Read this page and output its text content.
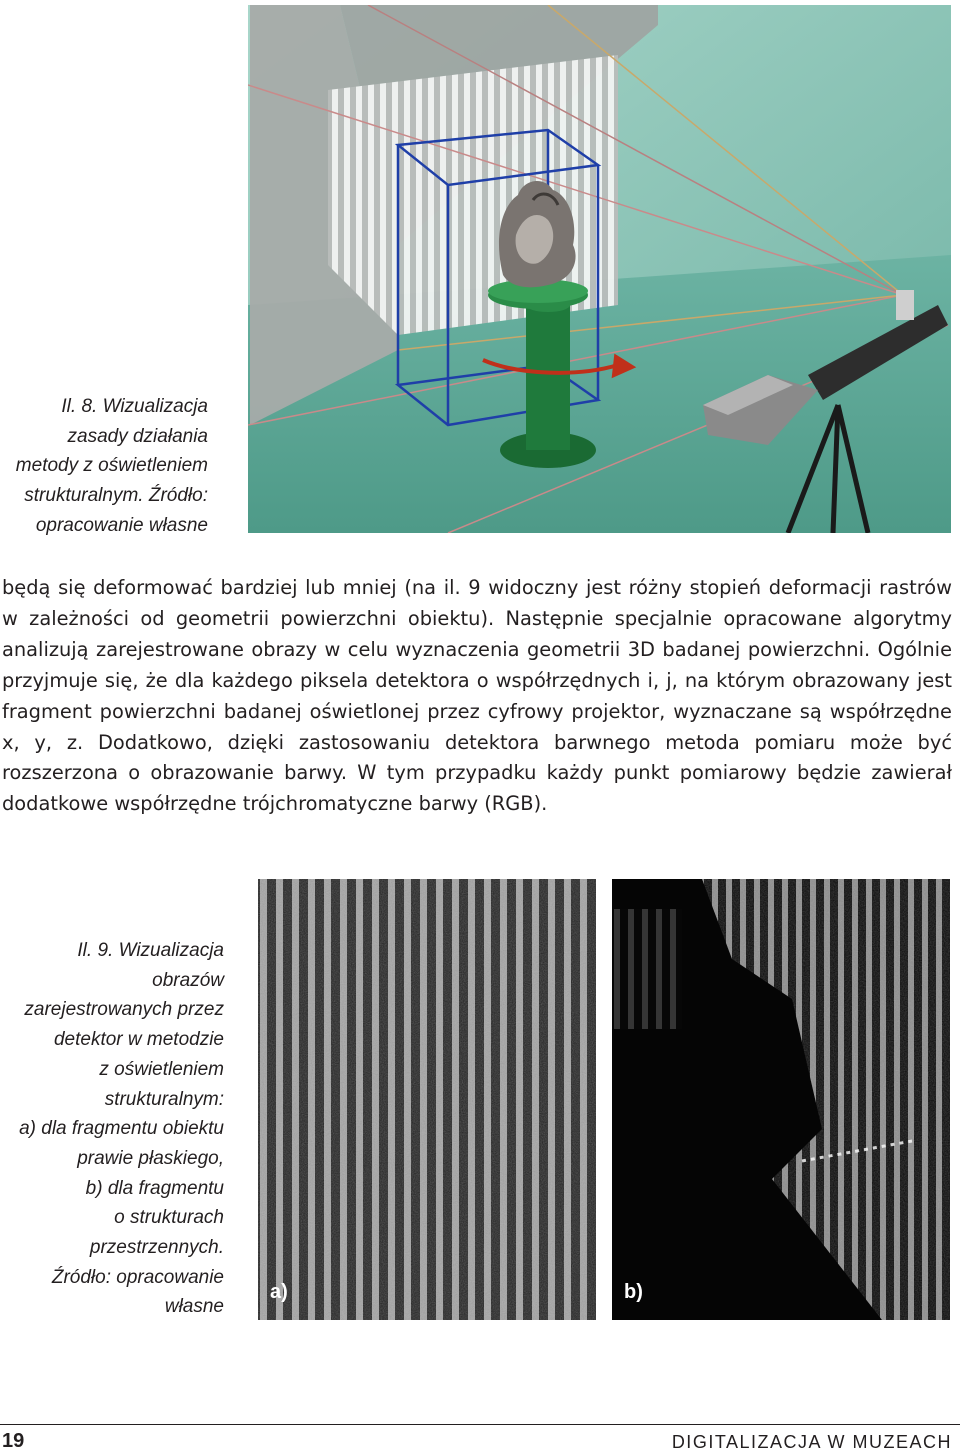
Il. 8. Wizualizacja
zasady działania
metody z oświetleniem
strukturalnym. Źródło:
opracowanie własne

będą się deformować bardziej lub mniej (na il. 9 widoczny jest różny stopień deformacji rastrów w zależności od geometrii powierzchni obiektu). Następnie specjalnie opracowane algorytmy analizują zarejestrowane obrazy w celu wyznaczenia geometrii 3D badanej powierzchni. Ogólnie przyjmuje się, że dla każdego piksela detektora o współrzędnych i, j, na którym obrazowany jest fragment powierzchni badanej oświetlonej przez cyfrowy projektor, wyznaczane są współrzędne x, y, z. Dodatkowo, dzięki zastosowaniu detektora barwnego metoda pomiaru może być rozszerzona o obrazowanie barwy. W tym przypadku każdy punkt pomiarowy będzie zawierał dodatkowe współrzędne trójchromatyczne barwy (RGB).

Il. 9. Wizualizacja
obrazów
zarejestrowanych przez
detektor w metodzie
z oświetleniem
strukturalnym:
a) dla fragmentu obiektu
prawie płaskiego,
b) dla fragmentu
o strukturach
przestrzennych.
Źródło: opracowanie
własne
a)	b)
19	DIGITALIZACJA W MUZEACH
